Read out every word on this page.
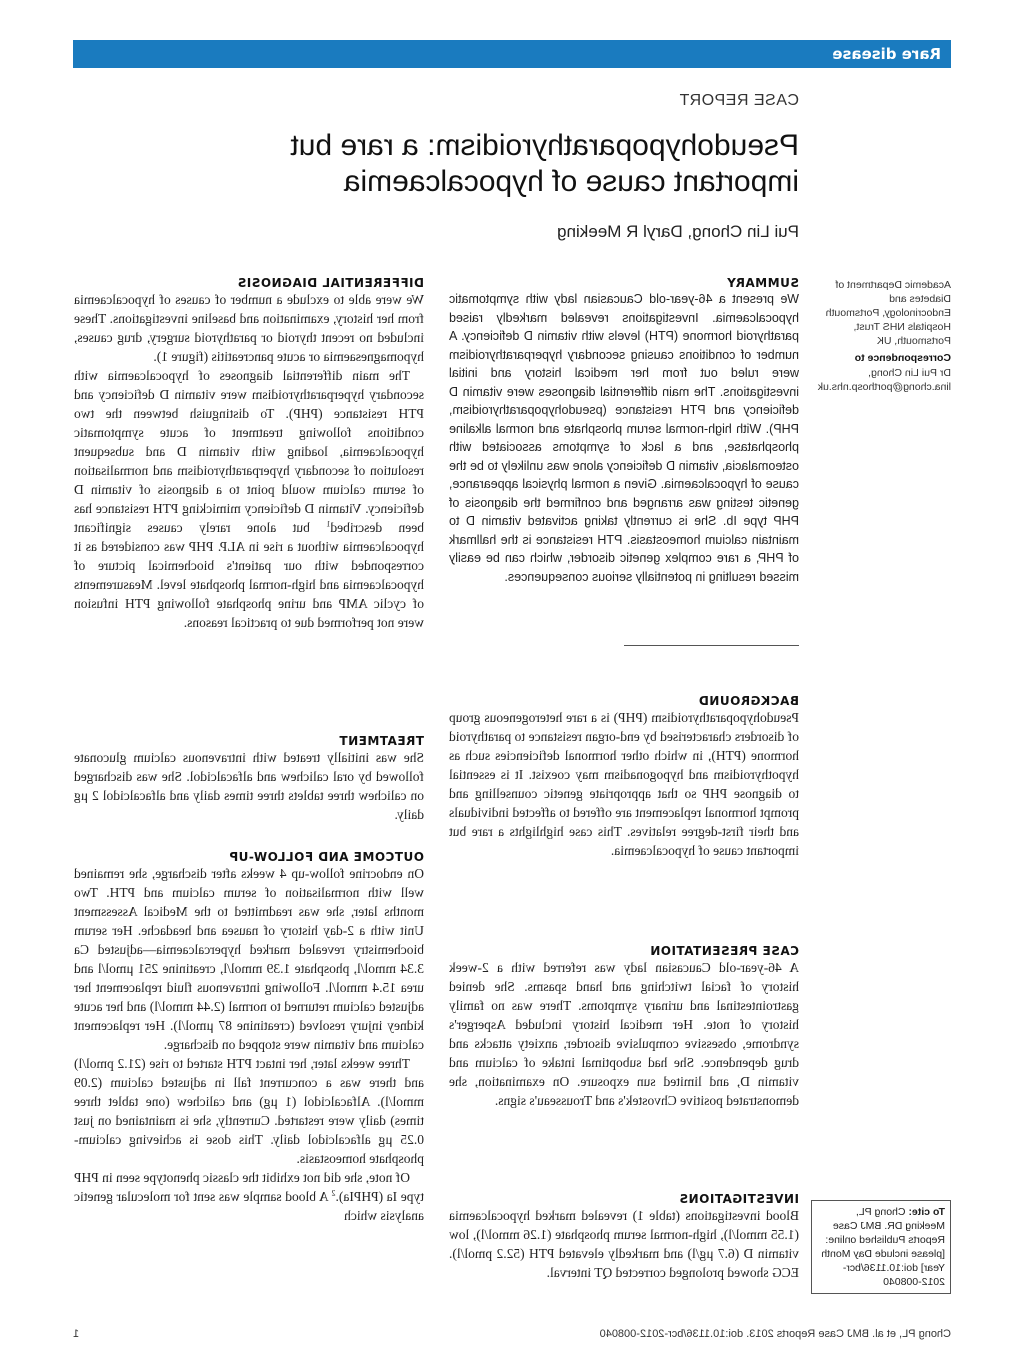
Rare disease
CASE REPORT
Pseudohypoparathyroidism: a rare but important cause of hypocalcaemia
Pui Lin Chong, Daryl R Meeking
Academic Department of Diabetes and Endocrinology, Portsmouth Hospitals NHS Trust, Portsmouth, UK
Correspondence to
Dr Pui Lin Chong,
lina.chong@porthosp.nhs.uk
To cite: Chong PL, Meeking DR. BMJ Case Reports Published online: [please include Day Month Year] doi:10.1136/bcr-2012-008040
SUMMARY
We present a 46-year-old Caucasian lady with symptomatic hypocalcaemia. Investigations revealed markedly raised parathyroid hormone (PTH) levels with vitamin D deficiency. A number of conditions causing secondary hyperparathyroidism were ruled out from her medical history and initial investigations. The main differential diagnoses were vitamin D deficiency and PTH resistance (pseudohypoparathyroidism, PHP). With high-normal serum phosphate and normal alkaline phosphatase, and a lack of symptoms associated with osteomalacia, vitamin D deficiency alone was unlikely to be the cause of hypocalcaemia. Given a normal physical appearance, genetic testing was arranged and confirmed the diagnosis of PHP type Ib. She is currently taking activated vitamin D to maintain calcium homeostasis. PTH resistance is the hallmark of PHP, a rare complex genetic disorder, which can be easily missed resulting in potentially serious consequences.
BACKGROUND

Pseudohypoparathyroidism (PHP) is a rare heterogeneous group of disorders characterised by end-organ resistance to parathyroid hormone (PTH), in which other hormonal deficiencies such as hypothyroidism and hypogonadism may coexist. It is essential to diagnose PHP so that appropriate genetic counselling and prompt hormonal replacement are offered to affected individuals and their first-degree relatives. This case highlights a rare but important cause of hypocalcaemia.

CASE PRESENTATION

A 46-year-old Caucasian lady was referred with a 2-week history of facial twitching and hand spasms. She denied gastrointestinal and urinary symptoms. There was no family history of note. Her medical history included Asperger's syndrome, obsessive compulsive disorder, anxiety attacks and drug dependence. She had suboptimal intake of calcium and vitamin D, and limited sun exposure. On examination, she demonstrated positive Chvostek's and Trousseau's signs.

INVESTIGATIONS

Blood investigations (table 1) revealed marked hypocalcaemia (1.55 mmol/l), high-normal serum phosphate (1.26 mmol/l), low vitamin D (6.7 μg/l) and markedly elevated PTH (52.2 pmol/l). ECG showed prolonged corrected QT interval.

DIFFERENTIAL DIAGNOSIS

We were able to exclude a number of causes of hypocalcaemia from her history, examination and baseline investigations. These included no recent thyroid or parathyroid surgery, drug causes, hypomagnesaemia or acute pancreatitis (figure 1).

The main differential diagnoses of hypocalcaemia with secondary hyperparathyroidism were vitamin D deficiency and PTH resistance (PHP). To distinguish between the two conditions following treatment of acute symptomatic hypocalcaemia, loading with vitamin D and subsequent resolution of secondary hyperparathyroidism and normalisation of serum calcium would point to a diagnosis of vitamin D deficiency. Vitamin D deficiency mimicking PTH resistance has been described$^1$ but alone rarely causes significant hypocalcaemia without a rise in ALP. PHP was considered as it corresponded with our patient's biochemical picture of hypocalcaemia and high-normal phosphate level. Measurements of cyclic AMP and urine phosphate following PTH infusion were not performed due to practical reasons.

TREATMENT

She was initially treated with intravenous calcium gluconate followed by oral calichew and alfacalcidol. She was discharged on calichew three tablets three times daily and alfacalcidol 2 μg daily.

OUTCOME AND FOLLOW-UP

On endocrine follow-up 4 weeks after discharge, she remained well with normalisation of serum calcium and PTH. Two months later, she was readmitted to the Medical Assessment Unit with a 2-day history of nausea and headache. Her serum biochemistry revealed marked hypercalcaemia—adjusted Ca 3.34 mmol/l, phosphate 1.39 mmol/l, creatinine 251 μmol/l and urea 15.4 mmol/l. Following intravenous fluid replacement her adjusted calcium returned to normal (2.44 mmol/l) and her acute kidney injury resolved (creatinine 87 μmol/l). Her replacement calcium and vitamin were stopped on discharge.

Three weeks later, her intact PTH started to rise (21.2 pmol/l) and there was a concurrent fall in adjusted calcium (2.09 mmol/l). Alfacalcidol (1 μg) and calichew (one tablet three times) daily were restarted. Currently, she is maintained on just 0.25 μg alfacalcidol daily. This dose is achieving calcium-phosphate homeostasis.

Of note, she did not exhibit the classic phenotype seen in PHP type Ia (PHPIa).$^2$ A blood sample was sent for molecular genetic analysis which

Chong PL, et al. BMJ Case Reports 2013. doi:10.1136/bcr-2012-008040
1
